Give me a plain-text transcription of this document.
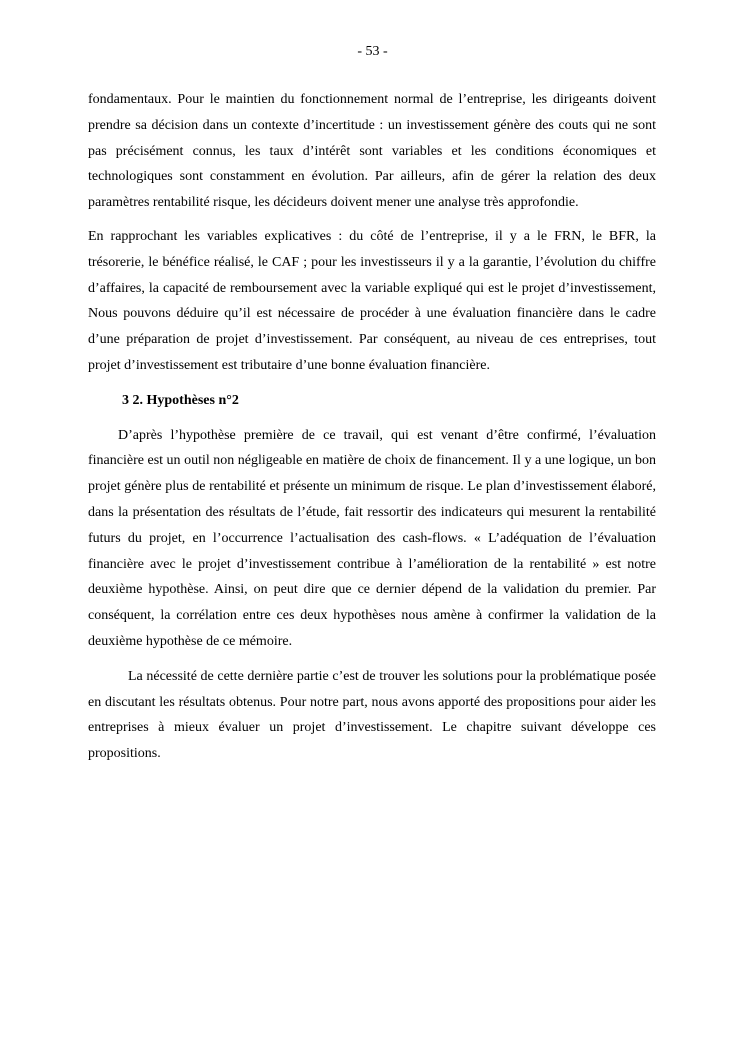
- 53 -

fondamentaux. Pour le maintien du fonctionnement normal de l’entreprise, les dirigeants doivent prendre sa décision dans un contexte d’incertitude : un investissement génère des couts qui ne sont pas précisément connus, les taux d’intérêt sont variables et les conditions économiques et technologiques sont constamment en évolution. Par ailleurs, afin de gérer la relation des deux paramètres rentabilité risque, les décideurs doivent mener une analyse très approfondie.

En rapprochant les variables explicatives : du côté de l’entreprise, il y a le FRN, le BFR, la trésorerie, le bénéfice réalisé, le CAF ; pour les investisseurs il y a la garantie, l’évolution du chiffre d’affaires, la capacité de remboursement avec la variable expliqué qui est le projet d’investissement, Nous pouvons déduire qu’il est nécessaire de procéder à une évaluation financière dans le cadre d’une préparation de projet d’investissement. Par conséquent, au niveau de ces entreprises, tout projet d’investissement est tributaire d’une bonne évaluation financière.

3 2. Hypothèses n°2

D’après l’hypothèse première de ce travail, qui est venant d’être confirmé, l’évaluation financière est un outil non négligeable en matière de choix de financement. Il y a une logique, un bon projet génère plus de rentabilité et présente un minimum de risque. Le plan d’investissement élaboré, dans la présentation des résultats de l’étude, fait ressortir des indicateurs qui mesurent la rentabilité futurs du projet, en l’occurrence l’actualisation des cash-flows. « L’adéquation de l’évaluation financière avec le projet d’investissement contribue à l’amélioration de la rentabilité » est notre deuxième hypothèse. Ainsi, on peut dire que ce dernier dépend de la validation du premier. Par conséquent, la corrélation entre ces deux hypothèses nous amène à confirmer la validation de la deuxième hypothèse de ce mémoire.

La nécessité de cette dernière partie c’est de trouver les solutions pour la problématique posée en discutant les résultats obtenus. Pour notre part, nous avons apporté des propositions pour aider les entreprises à mieux évaluer un projet d’investissement. Le chapitre suivant développe ces propositions.
